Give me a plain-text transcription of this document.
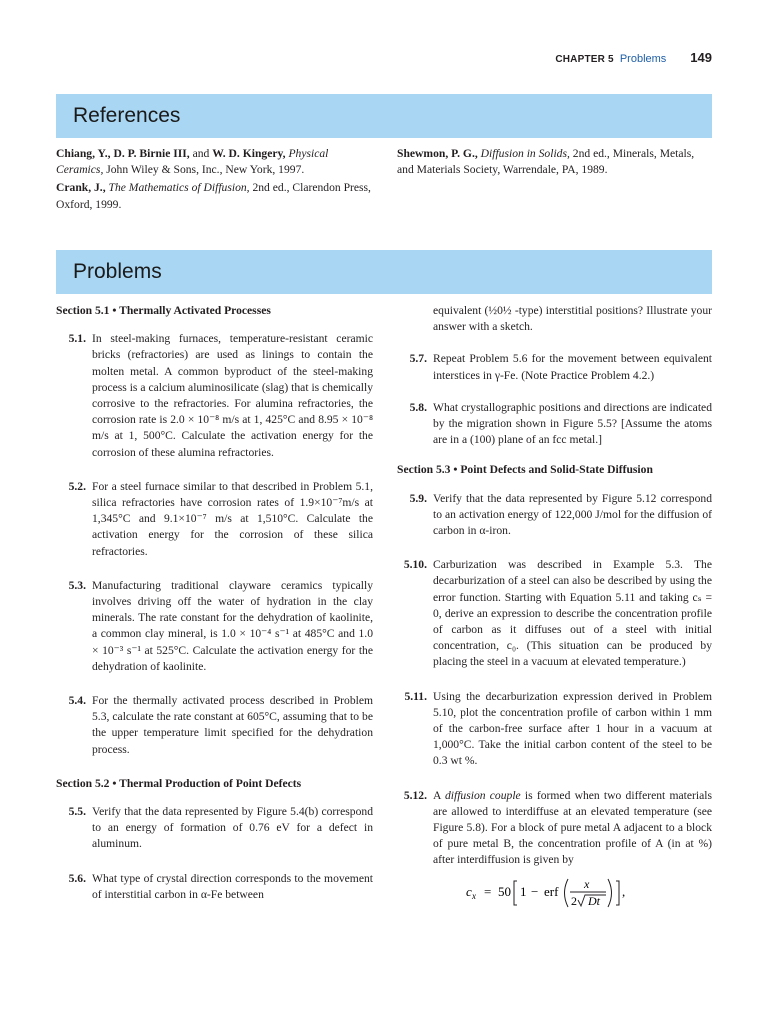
CHAPTER 5 Problems 149
References

Chiang, Y., D. P. Birnie III, and W. D. Kingery, Physical Ceramics, John Wiley & Sons, Inc., New York, 1997.

Crank, J., The Mathematics of Diffusion, 2nd ed., Clarendon Press, Oxford, 1999.

Shewmon, P. G., Diffusion in Solids, 2nd ed., Minerals, Metals, and Materials Society, Warrendale, PA, 1989.

Problems
Section 5.1 • Thermally Activated Processes
5.1. In steel-making furnaces, temperature-resistant ceramic bricks (refractories) are used as linings to contain the molten metal. A common byproduct of the steel-making process is a calcium aluminosilicate (slag) that is chemically corrosive to the refractories. For alumina refractories, the corrosion rate is 2.0 × 10⁻⁸ m/s at 1, 425°C and 8.95 × 10⁻⁸ m/s at 1, 500°C. Calculate the activation energy for the corrosion of these alumina refractories.
5.2. For a steel furnace similar to that described in Problem 5.1, silica refractories have corrosion rates of 1.9×10⁻⁷m/s at 1,345°C and 9.1×10⁻⁷ m/s at 1,510°C. Calculate the activation energy for the corrosion of these silica refractories.
5.3. Manufacturing traditional clayware ceramics typically involves driving off the water of hydration in the clay minerals. The rate constant for the dehydration of kaolinite, a common clay mineral, is 1.0 × 10⁻⁴ s⁻¹ at 485°C and 1.0 × 10⁻³ s⁻¹ at 525°C. Calculate the activation energy for the dehydration of kaolinite.
5.4. For the thermally activated process described in Problem 5.3, calculate the rate constant at 605°C, assuming that to be the upper temperature limit specified for the dehydration process.
Section 5.2 • Thermal Production of Point Defects
5.5. Verify that the data represented by Figure 5.4(b) correspond to an energy of formation of 0.76 eV for a defect in aluminum.
5.6. What type of crystal direction corresponds to the movement of interstitial carbon in α-Fe between
equivalent (½0½ -type) interstitial positions? Illustrate your answer with a sketch.
5.7. Repeat Problem 5.6 for the movement between equivalent interstices in γ-Fe. (Note Practice Problem 4.2.)
5.8. What crystallographic positions and directions are indicated by the migration shown in Figure 5.5? [Assume the atoms are in a (100) plane of an fcc metal.]
Section 5.3 • Point Defects and Solid-State Diffusion
5.9. Verify that the data represented by Figure 5.12 correspond to an activation energy of 122,000 J/mol for the diffusion of carbon in α-iron.
5.10. Carburization was described in Example 5.3. The decarburization of a steel can also be described by using the error function. Starting with Equation 5.11 and taking cₛ = 0, derive an expression to describe the concentration profile of carbon as it diffuses out of a steel with initial concentration, c₀. (This situation can be produced by placing the steel in a vacuum at elevated temperature.)
5.11. Using the decarburization expression derived in Problem 5.10, plot the concentration profile of carbon within 1 mm of the carbon-free surface after 1 hour in a vacuum at 1,000°C. Take the initial carbon content of the steel to be 0.3 wt %.
5.12. A diffusion couple is formed when two different materials are allowed to interdiffuse at an elevated temperature (see Figure 5.8). For a block of pure metal A adjacent to a block of pure metal B, the concentration profile of A (in at %) after interdiffusion is given by
c x = 50 1 − erf x
2 Dt
,
